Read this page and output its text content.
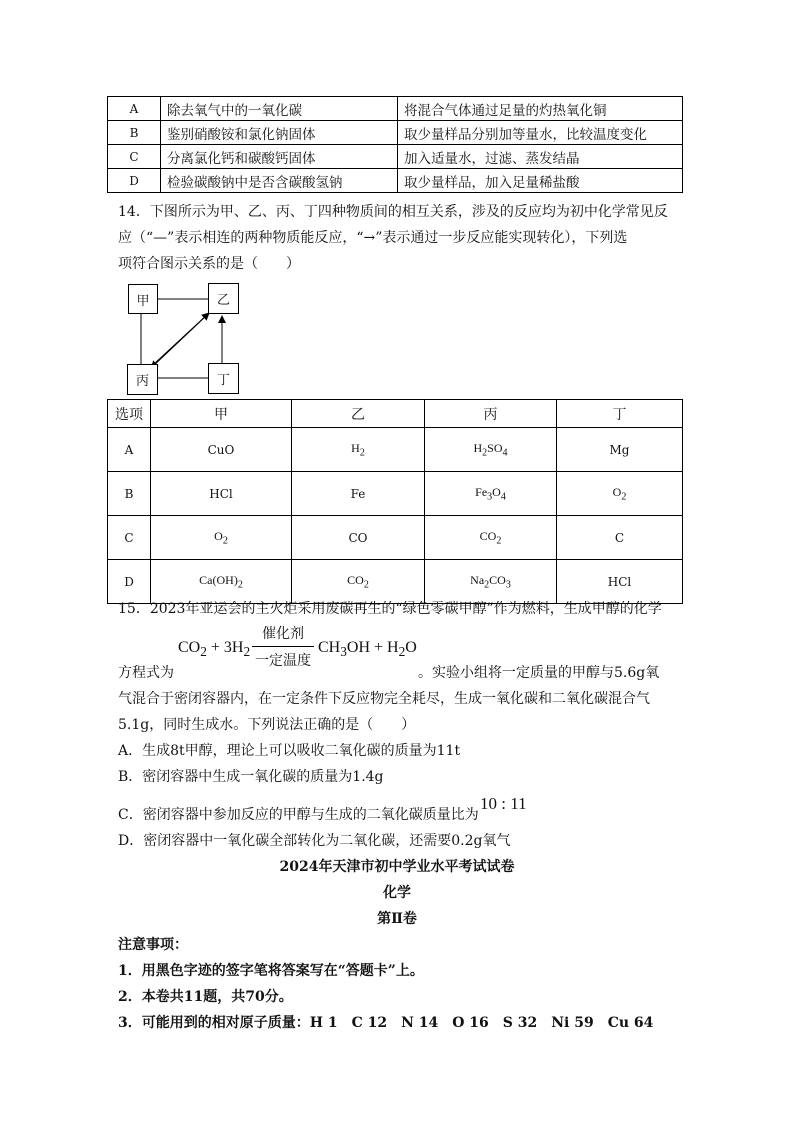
A	除去氧气中的一氧化碳	将混合气体通过足量的灼热氧化铜
B	鉴别硝酸铵和氯化钠固体	取少量样品分别加等量水，比较温度变化
C	分离氯化钙和碳酸钙固体	加入适量水，过滤、蒸发结晶
D	检验碳酸钠中是否含碳酸氢钠	取少量样品，加入足量稀盐酸
14．下图所示为甲、乙、丙、丁四种物质间的相互关系，涉及的反应均为初中化学常见反
应（“—”表示相连的两种物质能反应，“→”表示通过一步反应能实现转化），下列选
项符合图示关系的是（　　）
甲	乙
丙	丁
选项	甲	乙	丙	丁
A	CuO	$H_2$	$H_2SO_4$	Mg
B	HCl	Fe	$Fe_3O_4$	$O_2$
C	$O_2$	CO	$CO_2$	C
D	$Ca(OH)_2$	$CO_2$	$Na_2CO_3$	HCl
15．2023年亚运会的主火炬采用废碳再生的“绿色零碳甲醇”作为燃料，生成甲醇的化学
$CO_2 + 3H_2$
催化剂
一定温度
$CH_3OH + H_2O$
方程式为	。实验小组将一定质量的甲醇与5.6g氧
气混合于密闭容器内，在一定条件下反应物完全耗尽，生成一氧化碳和二氧化碳混合气
5.1g，同时生成水。下列说法正确的是（　　）
A．生成8t甲醇，理论上可以吸收二氧化碳的质量为11t
B．密闭容器中生成一氧化碳的质量为1.4g
C．密闭容器中参加反应的甲醇与生成的二氧化碳质量比为
10 : 11
D．密闭容器中一氧化碳全部转化为二氧化碳，还需要0.2g氧气
2024年天津市初中学业水平考试试卷
化学
第Ⅱ卷
注意事项：
1．用黑色字迹的签字笔将答案写在“答题卡”上。
2．本卷共11题，共70分。
3．可能用到的相对原子质量：H 1　C 12　N 14　O 16　S 32　Ni 59　Cu 64
